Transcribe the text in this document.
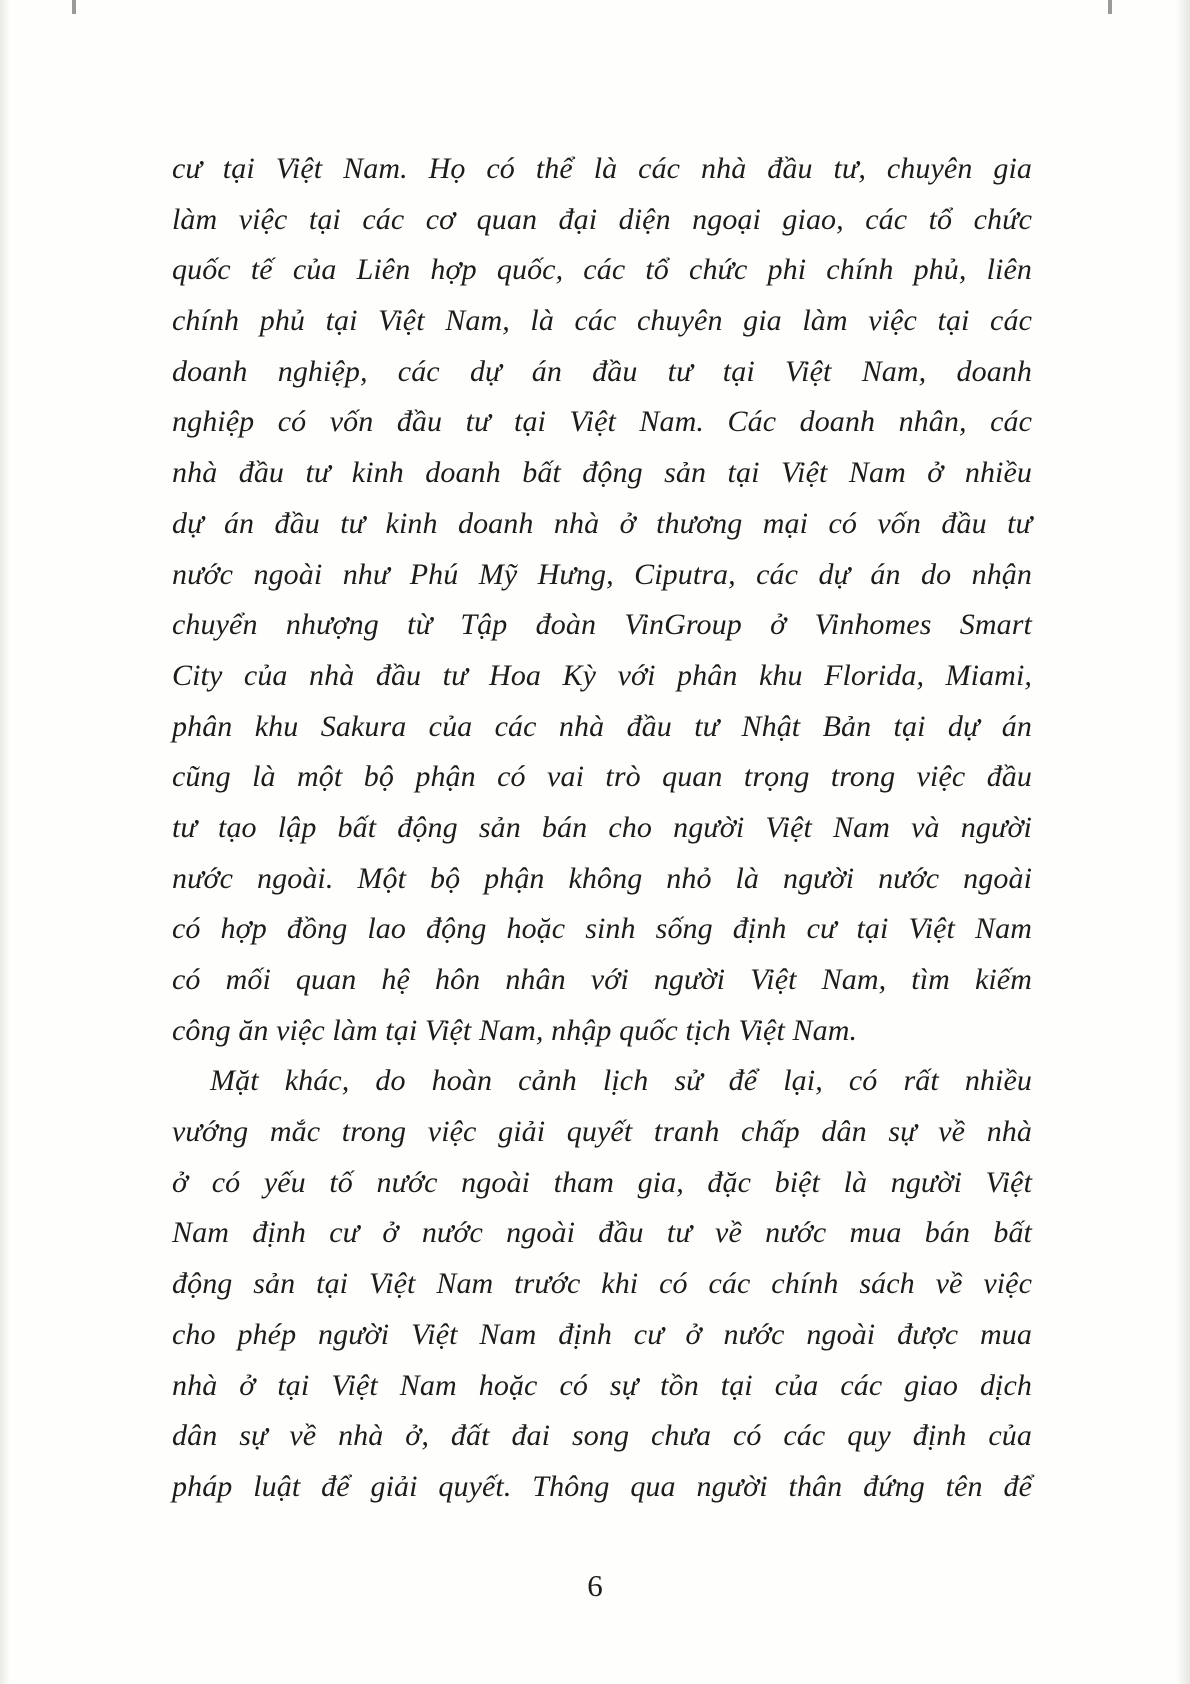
cư tại Việt Nam. Họ có thể là các nhà đầu tư, chuyên gia
làm việc tại các cơ quan đại diện ngoại giao, các tổ chức
quốc tế của Liên hợp quốc, các tổ chức phi chính phủ, liên
chính phủ tại Việt Nam, là các chuyên gia làm việc tại các
doanh nghiệp, các dự án đầu tư tại Việt Nam, doanh
nghiệp có vốn đầu tư tại Việt Nam. Các doanh nhân, các
nhà đầu tư kinh doanh bất động sản tại Việt Nam ở nhiều
dự án đầu tư kinh doanh nhà ở thương mại có vốn đầu tư
nước ngoài như Phú Mỹ Hưng, Ciputra, các dự án do nhận
chuyển nhượng từ Tập đoàn VinGroup ở Vinhomes Smart
City của nhà đầu tư Hoa Kỳ với phân khu Florida, Miami,
phân khu Sakura của các nhà đầu tư Nhật Bản tại dự án
cũng là một bộ phận có vai trò quan trọng trong việc đầu
tư tạo lập bất động sản bán cho người Việt Nam và người
nước ngoài. Một bộ phận không nhỏ là người nước ngoài
có hợp đồng lao động hoặc sinh sống định cư tại Việt Nam
có mối quan hệ hôn nhân với người Việt Nam, tìm kiếm
công ăn việc làm tại Việt Nam, nhập quốc tịch Việt Nam.
Mặt khác, do hoàn cảnh lịch sử để lại, có rất nhiều
vướng mắc trong việc giải quyết tranh chấp dân sự về nhà
ở có yếu tố nước ngoài tham gia, đặc biệt là người Việt
Nam định cư ở nước ngoài đầu tư về nước mua bán bất
động sản tại Việt Nam trước khi có các chính sách về việc
cho phép người Việt Nam định cư ở nước ngoài được mua
nhà ở tại Việt Nam hoặc có sự tồn tại của các giao dịch
dân sự về nhà ở, đất đai song chưa có các quy định của
pháp luật để giải quyết. Thông qua người thân đứng tên để
6
